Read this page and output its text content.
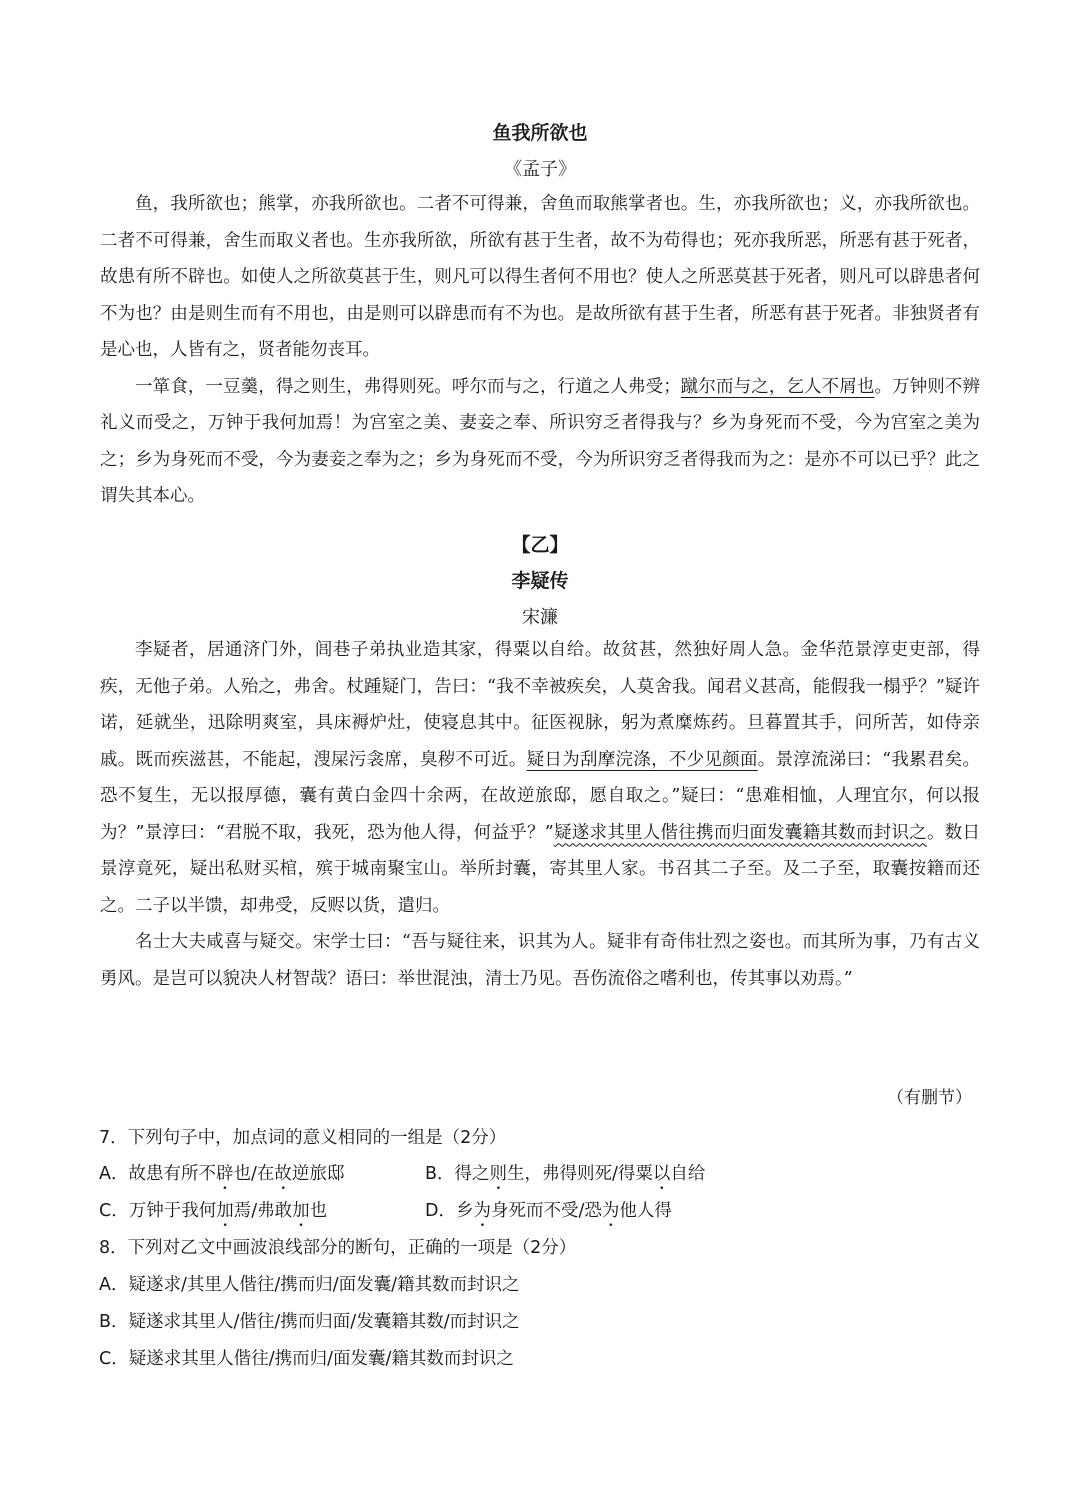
鱼我所欲也
《孟子》

鱼，我所欲也；熊掌，亦我所欲也。二者不可得兼，舍鱼而取熊掌者也。生，亦我所欲也；义，亦我所欲也。二者不可得兼，舍生而取义者也。生亦我所欲，所欲有甚于生者，故不为苟得也；死亦我所恶，所恶有甚于死者，故患有所不辟也。如使人之所欲莫甚于生，则凡可以得生者何不用也？使人之所恶莫甚于死者，则凡可以辟患者何不为也？由是则生而有不用也，由是则可以辟患而有不为也。是故所欲有甚于生者，所恶有甚于死者。非独贤者有是心也，人皆有之，贤者能勿丧耳。

一箪食，一豆羹，得之则生，弗得则死。呼尔而与之，行道之人弗受；蹴尔而与之，乞人不屑也。万钟则不辨礼义而受之，万钟于我何加焉！为宫室之美、妻妾之奉、所识穷乏者得我与？乡为身死而不受，今为宫室之美为之；乡为身死而不受，今为妻妾之奉为之；乡为身死而不受，今为所识穷乏者得我而为之：是亦不可以已乎？此之谓失其本心。

【乙】
李疑传
宋濂

李疑者，居通济门外，闾巷子弟执业造其家，得粟以自给。故贫甚，然独好周人急。金华范景淳吏吏部，得疾，无他子弟。人殆之，弗舍。杖踵疑门，告曰：“我不幸被疾矣，人莫舍我。闻君义甚高，能假我一榻乎？”疑许诺，延就坐，迅除明爽室，具床褥炉灶，使寝息其中。征医视脉，躬为煮糜炼药。旦暮置其手，问所苦，如侍亲戚。既而疾滋甚，不能起，溲屎污衾席，臭秽不可近。疑日为刮摩浣涤，不少见颜面。景淳流涕曰：“我累君矣。恐不复生，无以报厚德，囊有黄白金四十余两，在故逆旅邸，愿自取之。”疑曰：“患难相恤，人理宜尔，何以报为？”景淳曰：“君脱不取，我死，恐为他人得，何益乎？”疑遂求其里人偕往携而归面发囊籍其数而封识之。数日景淳竟死，疑出私财买棺，殡于城南聚宝山。举所封囊，寄其里人家。书召其二子至。及二子至，取囊按籍而还之。二子以半馈，却弗受，反赆以货，遣归。

名士大夫咸喜与疑交。宋学士曰：“吾与疑往来，识其为人。疑非有奇伟壮烈之姿也。而其所为事，乃有古义勇风。是岂可以貌决人材智哉？语曰：举世混浊，清士乃见。吾伤流俗之嗜利也，传其事以劝焉。”

（有删节）
7．下列句子中，加点词的意义相同的一组是（2分）
A．故患有所不辟也/在故逆旅邸	B．得之则生，弗得则死/得粟以自给
C．万钟于我何加焉/弗敢加也	D．乡为身死而不受/恐为他人得
8．下列对乙文中画波浪线部分的断句，正确的一项是（2分）
A．疑遂求/其里人偕往/携而归/面发囊/籍其数而封识之
B．疑遂求其里人/偕往/携而归面/发囊籍其数/而封识之
C．疑遂求其里人偕往/携而归/面发囊/籍其数而封识之
